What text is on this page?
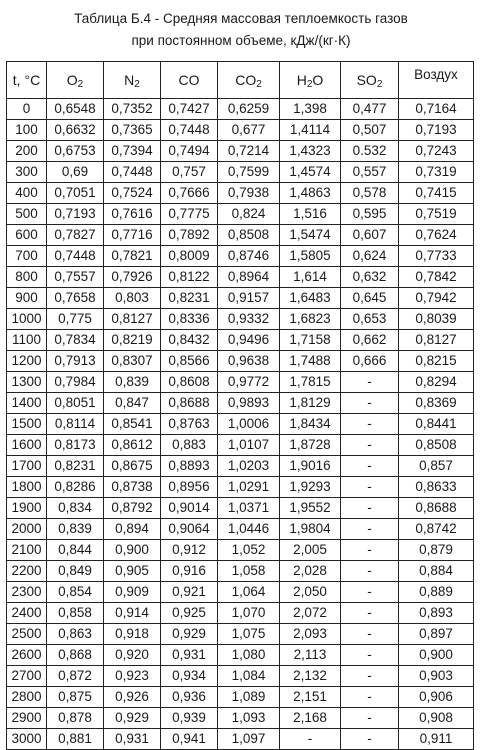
Таблица Б.4 - Средняя массовая теплоемкость газов
при постоянном объеме, кДж/(кг·К)
t, °C	$O_2$	$N_2$	CO	$CO_2$	$H_2O$	$SO_2$	Воздух
0	0,6548	0,7352	0,7427	0,6259	1,398	0,477	0,7164
100	0,6632	0,7365	0,7448	0,677	1,4114	0,507	0,7193
200	0,6753	0,7394	0,7494	0,7214	1,4323	0.532	0,7243
300	0,69	0,7448	0,757	0,7599	1,4574	0,557	0,7319
400	0,7051	0,7524	0,7666	0,7938	1,4863	0,578	0,7415
500	0,7193	0,7616	0,7775	0,824	1,516	0,595	0,7519
600	0,7827	0,7716	0,7892	0,8508	1,5474	0,607	0,7624
700	0,7448	0,7821	0,8009	0,8746	1,5805	0,624	0,7733
800	0,7557	0,7926	0,8122	0,8964	1,614	0,632	0,7842
900	0,7658	0,803	0,8231	0,9157	1,6483	0,645	0,7942
1000	0,775	0,8127	0,8336	0,9332	1,6823	0,653	0,8039
1100	0,7834	0,8219	0,8432	0,9496	1,7158	0,662	0,8127
1200	0,7913	0,8307	0,8566	0,9638	1,7488	0,666	0,8215
1300	0,7984	0,839	0,8608	0,9772	1,7815	-	0,8294
1400	0,8051	0,847	0,8688	0,9893	1,8129	-	0,8369
1500	0,8114	0,8541	0,8763	1,0006	1,8434	-	0,8441
1600	0,8173	0,8612	0,883	1,0107	1,8728	-	0,8508
1700	0,8231	0,8675	0,8893	1,0203	1,9016	-	0,857
1800	0,8286	0,8738	0,8956	1,0291	1,9293	-	0,8633
1900	0,834	0,8792	0,9014	1,0371	1,9552	-	0,8688
2000	0,839	0,894	0,9064	1,0446	1,9804	-	0,8742
2100	0,844	0,900	0,912	1,052	2,005	-	0,879
2200	0,849	0,905	0,916	1,058	2,028	-	0,884
2300	0,854	0,909	0,921	1,064	2,050	-	0,889
2400	0,858	0,914	0,925	1,070	2,072	-	0,893
2500	0,863	0,918	0,929	1,075	2,093	-	0,897
2600	0,868	0,920	0,931	1,080	2,113	-	0,900
2700	0,872	0,923	0,934	1,084	2,132	-	0,903
2800	0,875	0,926	0,936	1,089	2,151	-	0,906
2900	0,878	0,929	0,939	1,093	2,168	-	0,908
3000	0,881	0,931	0,941	1,097	-	-	0,911
